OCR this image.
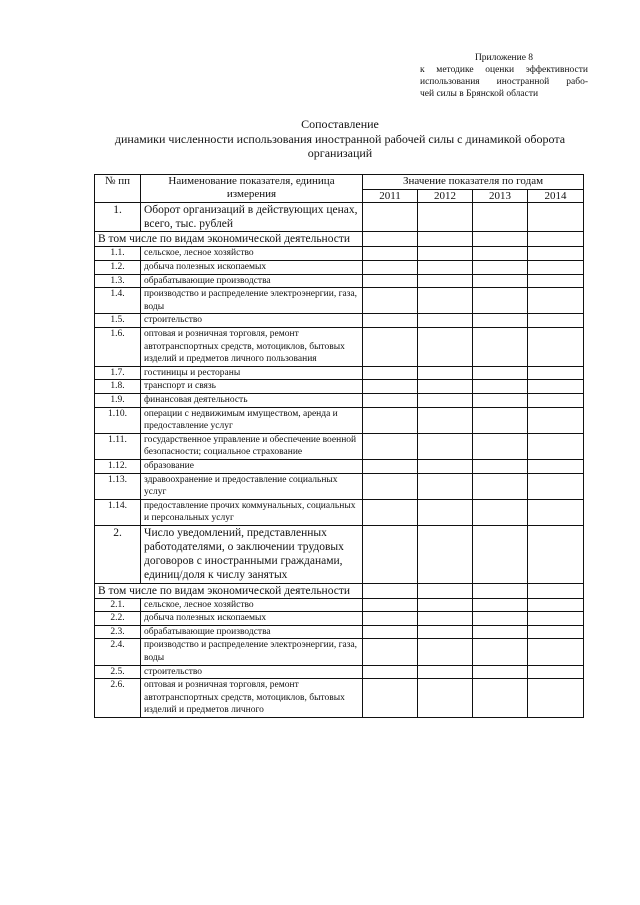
Приложение 8
к методике оценки эффективности
использования иностранной рабо-
чей силы в Брянской области
Сопоставление
динамики численности использования иностранной рабочей силы с динамикой оборота
организаций
№ пп	Наименование показателя, единица измерения	Значение показателя по годам			
		2011	2012	2013	2014
1.	Оборот организаций в действующих ценах, всего, тыс. рублей				
В том числе по видам экономической деятельности					
1.1.	сельское, лесное хозяйство				
1.2.	добыча полезных ископаемых				
1.3.	обрабатывающие производства				
1.4.	производство и распределение электроэнергии, газа, воды				
1.5.	строительство				
1.6.	оптовая и розничная торговля, ремонт автотранспортных средств, мотоциклов, бытовых изделий и предметов личного пользования				
1.7.	гостиницы и рестораны				
1.8.	транспорт и связь				
1.9.	финансовая деятельность				
1.10.	операции с недвижимым имуществом, аренда и предоставление услуг				
1.11.	государственное управление и обеспечение военной безопасности; социальное страхование				
1.12.	образование				
1.13.	здравоохранение и предоставление социальных услуг				
1.14.	предоставление прочих коммунальных, социальных и персональных услуг				
2.	Число уведомлений, представленных работодателями, о заключении трудовых договоров с иностранными гражданами, единиц/доля к числу занятых				
В том числе по видам экономической деятельности					
2.1.	сельское, лесное хозяйство				
2.2.	добыча полезных ископаемых				
2.3.	обрабатывающие производства				
2.4.	производство и распределение электроэнергии, газа, воды				
2.5.	строительство				
2.6.	оптовая и розничная торговля, ремонт автотранспортных средств, мотоциклов, бытовых изделий и предметов личного				
